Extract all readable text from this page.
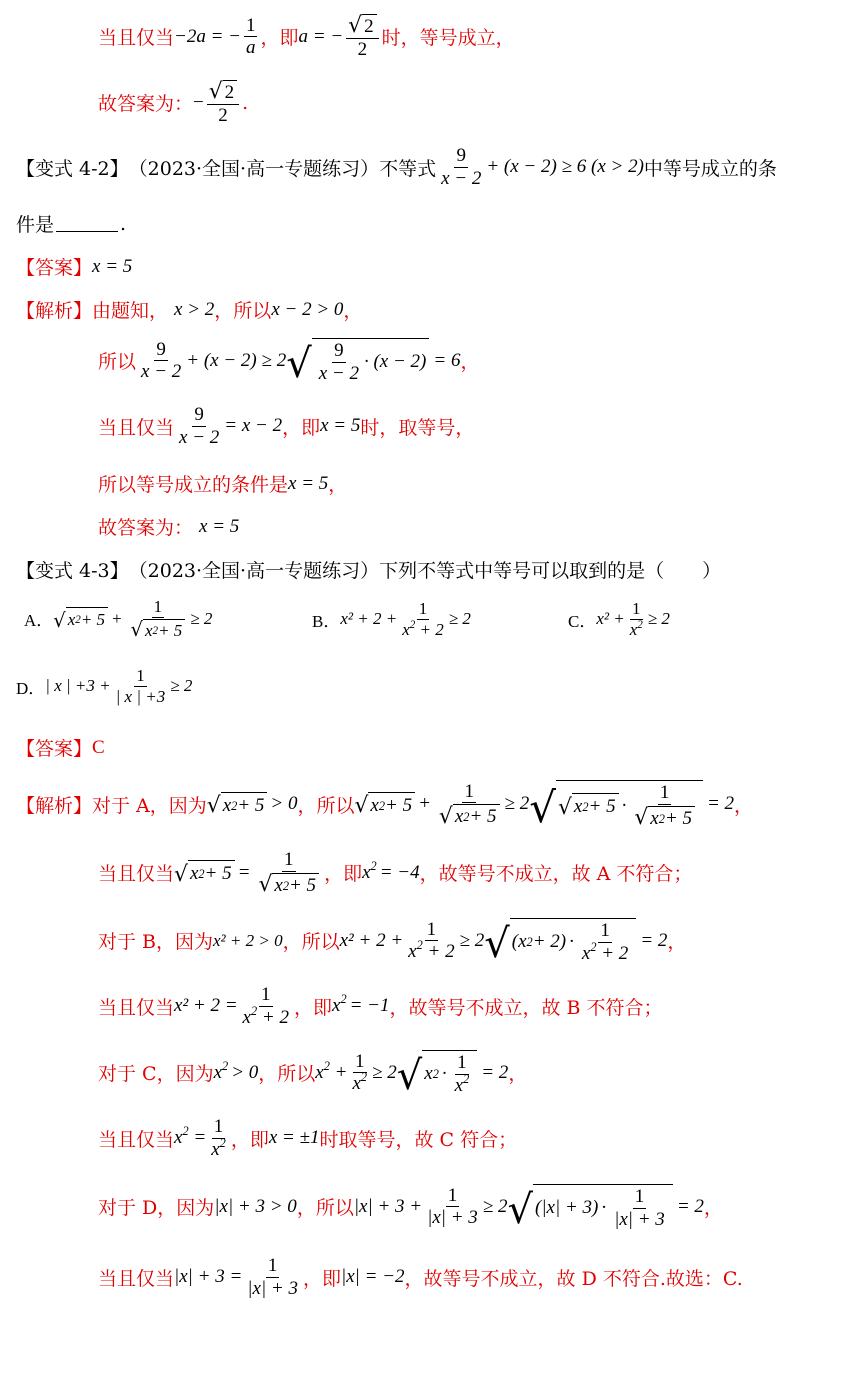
当且仅当 −2a = − $\frac{1}{a}$ ，即 a = − $\frac{√ 2}{2}$ 时，等号成立，
故答案为： − $\frac{√ 2}{2}$ .
【变式 4-2】 （2023·全国·高一专题练习）不等式 $\frac{9}{x - 2} + (x - 2) \ge 6$ (x > 2) 中等号成立的条
件是	.
【答案】 x = 5
【解析】 由题知， x > 2 ，所以 x − 2 > 0 ，
所以 $\frac{9}{x - 2} + (x - 2) \ge 2$ √ $\frac{9}{x - 2} \cdot (x - 2) = 6$ ，
当且仅当 $\frac{9}{x - 2} = x - 2$ ，即 x = 5 时，取等号，
所以等号成立的条件是 x = 5 ，
故答案为： x = 5
【变式 4-3】 （2023·全国·高一专题练习）下列不等式中等号可以取到的是（　　）
A． √ x $2 + 5 + \frac{1}{√ x 2 + 5} \ge 2$	B． $x^2 + 2 + \frac{1}{x^2 + 2} \ge 2$	C． $x^2 + \frac{1}{x^2} \ge 2$
D． | x | $+3 + \frac{1}{| x | +3} \ge 2$
【答案】 C
【解析】 对于 A，因为 √ x 2 + 5 > 0 ，所以 √ x $2 + 5 + \frac{1}{√ x 2 + 5} \ge 2$ √ √ x $2 + 5 \cdot \frac{1}{√ x 2 + 5} = 2$ ，
当且仅当 √ x $2 + 5 = \frac{1}{√ x 2 + 5}$ ，即 $x^2 = -4$ ，故等号不成立，故 A 不符合；
对于 B，因为 x² + 2 > 0 ，所以 $x^2 + 2 + \frac{1}{x^2 + 2} \ge 2$ √ (x $2 + 2) \cdot \frac{1}{x^2 + 2} = 2$ ，
当且仅当 $x^2 + 2 = \frac{1}{x^2 + 2}$ ，即 $x^2 = -1$ ，故等号不成立，故 B 不符合；
对于 C，因为 $x^2 > 0$ ，所以 $x^2 + \frac{1}{x^2} \ge 2$ √ x $2 \cdot \frac{1}{x^2} = 2$ ，
当且仅当 $x^2 = \frac{1}{x^2}$ ，即 x = ±1 时取等号，故 C 符合；
对于 D，因为 |x| + 3 > 0 ，所以 $|x| + 3 + \frac{1}{|x| + 3} \ge 2$ √ $(|x| + 3) \cdot \frac{1}{|x| + 3} = 2$ ，
当且仅当 $|x| + 3 = \frac{1}{|x| + 3}$ ，即 |x| = −2 ，故等号不成立，故 D 不符合.故选：C.
